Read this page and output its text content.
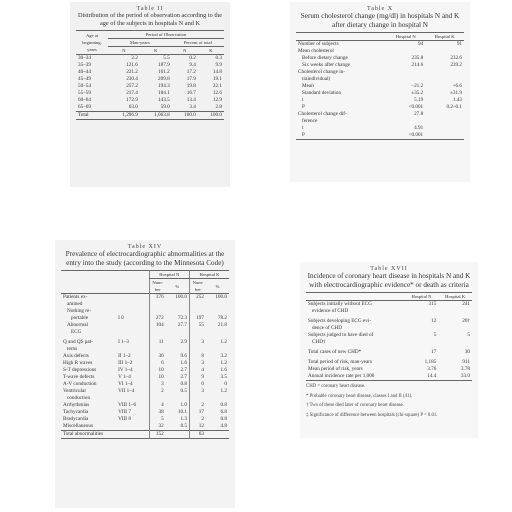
Table II
Distribution of the period of observation according to the age of the subjects in hospitals N and K
Age at beginning, years	Period of Observation			
	Man-years		Percent of total	
	N	K	N	K
30–34	2.2	5.5	0.2	0.3
35–39	121.6	187.9	9.4	9.9
40–44	221.2	161.2	17.2	14.8
45–49	230.4	209.8	17.9	19.1
50–54	257.2	194.3	19.8	22.1
55–59	217.4	184.1	16.7	12.6
60–64	172.9	143.5	13.4	12.9
65–69	63.0	59.0	3.4	2.8
Total	1,296.9	1,063.8	100.0	100.0
Table X
Serum cholesterol change (mg/dl) in hospitals N and K after dietary change in hospital N
	Hospital N	Hospital K
Number of subjects	94	91
Mean cholesterol		
Before dietary change	235.8	232.6
Six weeks after change	214.6	239.2
Cholesterol change in-		
traindividual)		
Mean	−21.2	+6.6
Standard deviation	±35.2	±31.9
t	5.19	1.43
P	<0.001	0.2–0.1
Cholesterol change dif-	27.8	
ference		
t	4.91	
P	<0.001	
Table XIV
Prevalence of electrocardiographic abnormalities at the entry into the study (according to the Minnesota Code)
		Hospital N		Hospital K	
		Num-ber	%	Num-ber	%
Patients ex-		376	100.0	252	100.0
amined					
Nothing re-					
portable	I 0	272	72.3	197	78.2
Abnormal		104	27.7	55	21.8
ECG					

Q and QS pat-	I 1–3	11	2.9	3	1.2
terns					
Axis defects	II 1–2	36	9.6	8	3.2
High R waves	III 1–2	6	1.6	3	1.2
S-T depressions	IV 1–4	10	2.7	4	1.6
T-wave defects	V 1–4	10	2.7	9	3.5
A-V conduction	VI 1–4	3	0.8	0	0
Ventricular	VII 1–4	2	0.5	3	1.2
conduction					
Arrhythmias	VIII 1–6	4	1.0	2	0.8
Tachycardia	VIII 7	38	10.1	17	6.8
Bradycardia	VIII 8	5	1.3	2	0.8
Miscellaneous		32	8.5	12	4.8
Total abnormalities		152		63	
Table XVII
Incidence of coronary heart disease in hospitals N and K with electrocardiographic evidence* or death as criteria
	Hospital N	Hospital K
Subjects initially without ECG	315	241
evidence of CHD		

Subjects developing ECG evi-	12	20†
dence of CHD		
Subjects judged to have died of	5	5
CHD†		

Total cases of new CHD*	17	30

Total period of risk, man-years	1,185	911
Mean period of risk, years	3.76	3.78
Annual incidence rate per 1,000	14.4	33.0
CHD = coronary heart disease.
* Probable coronary heart disease, classes I and II (41).
† Two of these died later of coronary heart disease.
‡ Significance of difference between hospitals (chi-square) P < 0.01.
